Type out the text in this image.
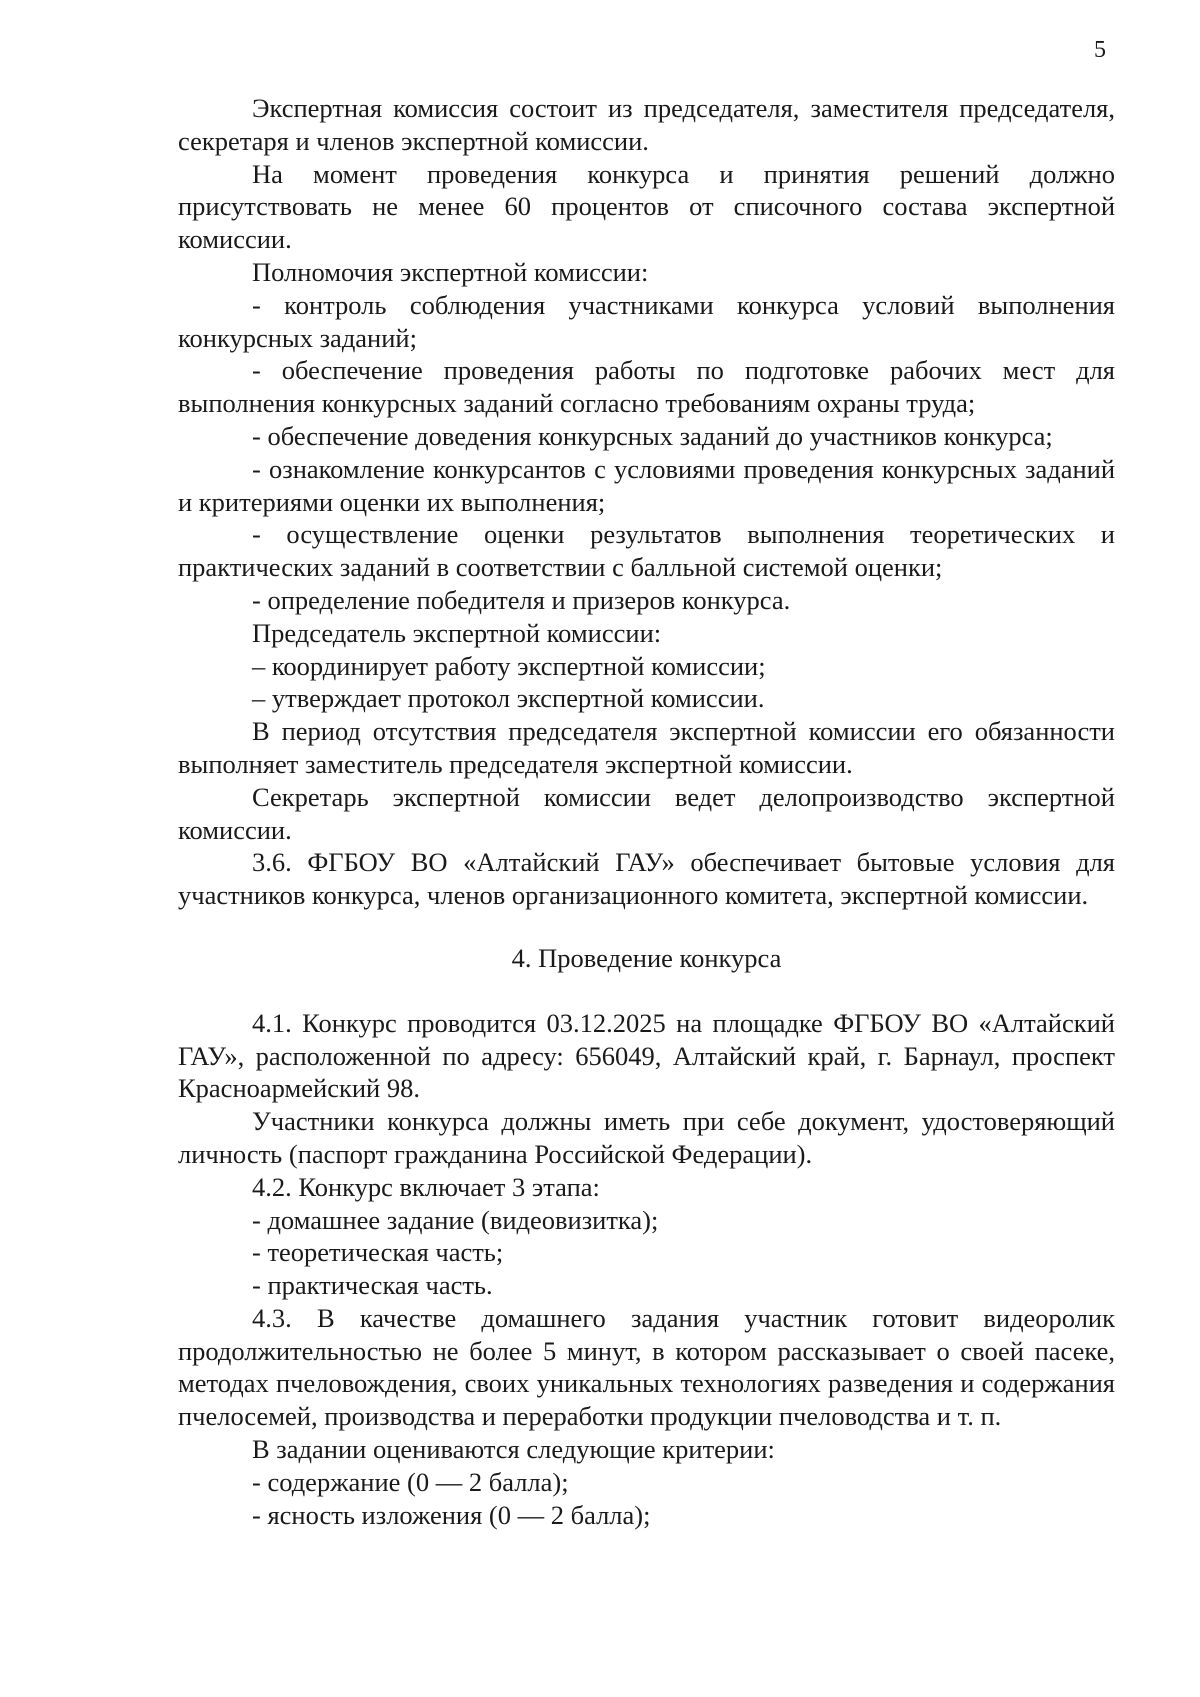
5

Экспертная комиссия состоит из председателя, заместителя председателя, секретаря и членов экспертной комиссии.

На момент проведения конкурса и принятия решений должно присутствовать не менее 60 процентов от списочного состава экспертной комиссии.

Полномочия экспертной комиссии:

- контроль соблюдения участниками конкурса условий выполнения конкурсных заданий;

- обеспечение проведения работы по подготовке рабочих мест для выполнения конкурсных заданий согласно требованиям охраны труда;

- обеспечение доведения конкурсных заданий до участников конкурса;

- ознакомление конкурсантов с условиями проведения конкурсных заданий и критериями оценки их выполнения;

- осуществление оценки результатов выполнения теоретических и практических заданий в соответствии с балльной системой оценки;

- определение победителя и призеров конкурса.

Председатель экспертной комиссии:

– координирует работу экспертной комиссии;

– утверждает протокол экспертной комиссии.

В период отсутствия председателя экспертной комиссии его обязанности выполняет заместитель председателя экспертной комиссии.

Секретарь экспертной комиссии ведет делопроизводство экспертной комиссии.

3.6. ФГБОУ ВО «Алтайский ГАУ» обеспечивает бытовые условия для участников конкурса, членов организационного комитета, экспертной комиссии.

4. Проведение конкурса

4.1. Конкурс проводится 03.12.2025 на площадке ФГБОУ ВО «Алтайский ГАУ», расположенной по адресу: 656049, Алтайский край, г. Барнаул, проспект Красноармейский 98.

Участники конкурса должны иметь при себе документ, удостоверяющий личность (паспорт гражданина Российской Федерации).

4.2. Конкурс включает 3 этапа:

- домашнее задание (видеовизитка);

- теоретическая часть;

- практическая часть.

4.3. В качестве домашнего задания участник готовит видеоролик продолжительностью не более 5 минут, в котором рассказывает о своей пасеке, методах пчеловождения, своих уникальных технологиях разведения и содержания пчелосемей, производства и переработки продукции пчеловодства и т. п.

В задании оцениваются следующие критерии:

- содержание (0 — 2 балла);

- ясность изложения (0 — 2 балла);
